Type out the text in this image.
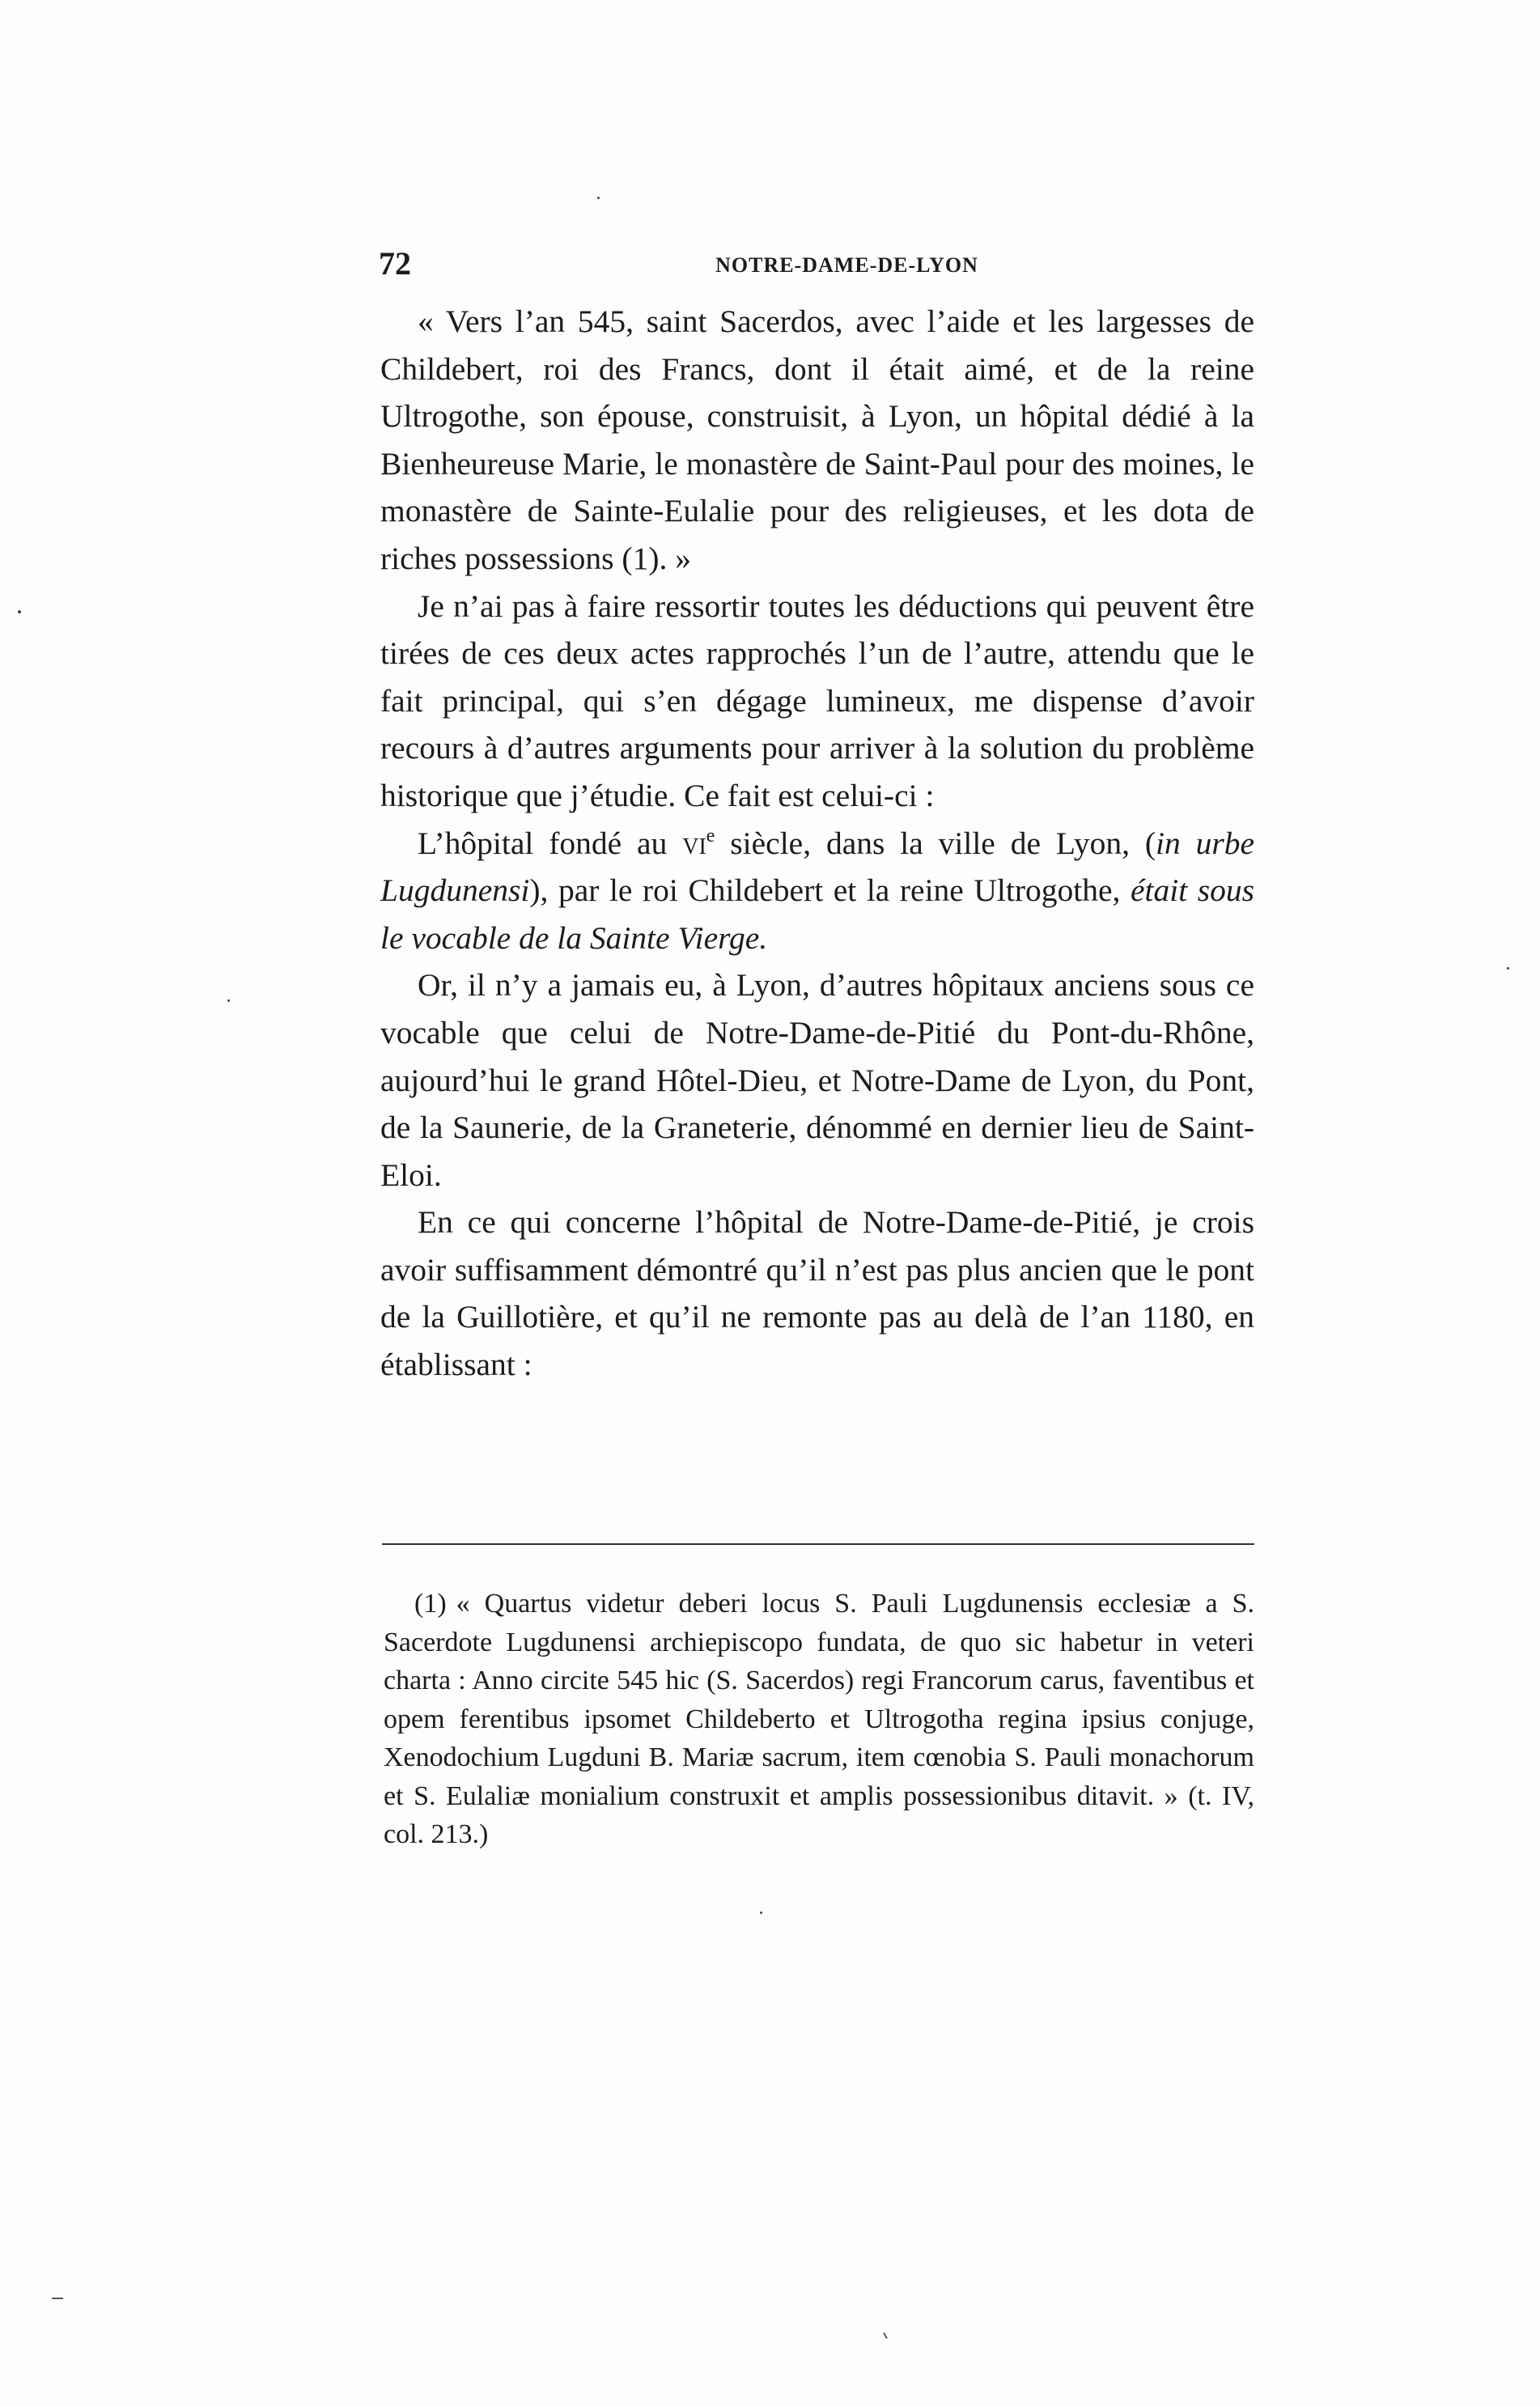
72	NOTRE-DAME-DE-LYON

« Vers l’an 545, saint Sacerdos, avec l’aide et les largesses de Childebert, roi des Francs, dont il était aimé, et de la reine Ultrogothe, son épouse, construisit, à Lyon, un hôpital dédié à la Bienheureuse Marie, le monastère de Saint-Paul pour des moines, le monastère de Sainte-Eulalie pour des religieuses, et les dota de riches possessions (1). »

Je n’ai pas à faire ressortir toutes les déductions qui peuvent être tirées de ces deux actes rapprochés l’un de l’autre, attendu que le fait principal, qui s’en dégage lumineux, me dispense d’avoir recours à d’autres arguments pour arriver à la solution du problème historique que j’étudie. Ce fait est celui-ci :

L’hôpital fondé au $vi^e$ siècle, dans la ville de Lyon, (in urbe Lugdunensi), par le roi Childebert et la reine Ultrogothe, était sous le vocable de la Sainte Vierge.

Or, il n’y a jamais eu, à Lyon, d’autres hôpitaux anciens sous ce vocable que celui de Notre-Dame-de-Pitié du Pont-du-Rhône, aujourd’hui le grand Hôtel-Dieu, et Notre-Dame de Lyon, du Pont, de la Saunerie, de la Graneterie, dénommé en dernier lieu de Saint-Eloi.

En ce qui concerne l’hôpital de Notre-Dame-de-Pitié, je crois avoir suffisamment démontré qu’il n’est pas plus ancien que le pont de la Guillotière, et qu’il ne remonte pas au delà de l’an 1180, en établissant :

(1) « Quartus videtur deberi locus S. Pauli Lugdunensis ecclesiæ a S. Sacerdote Lugdunensi archiepiscopo fundata, de quo sic habetur in veteri charta : Anno circite 545 hic (S. Sacerdos) regi Francorum carus, faventibus et opem ferentibus ipsomet Childeberto et Ultrogotha regina ipsius conjuge, Xenodochium Lugduni B. Mariæ sacrum, item cœnobia S. Pauli monachorum et S. Eulaliæ monialium construxit et amplis possessionibus ditavit. » (t. IV, col. 213.)
